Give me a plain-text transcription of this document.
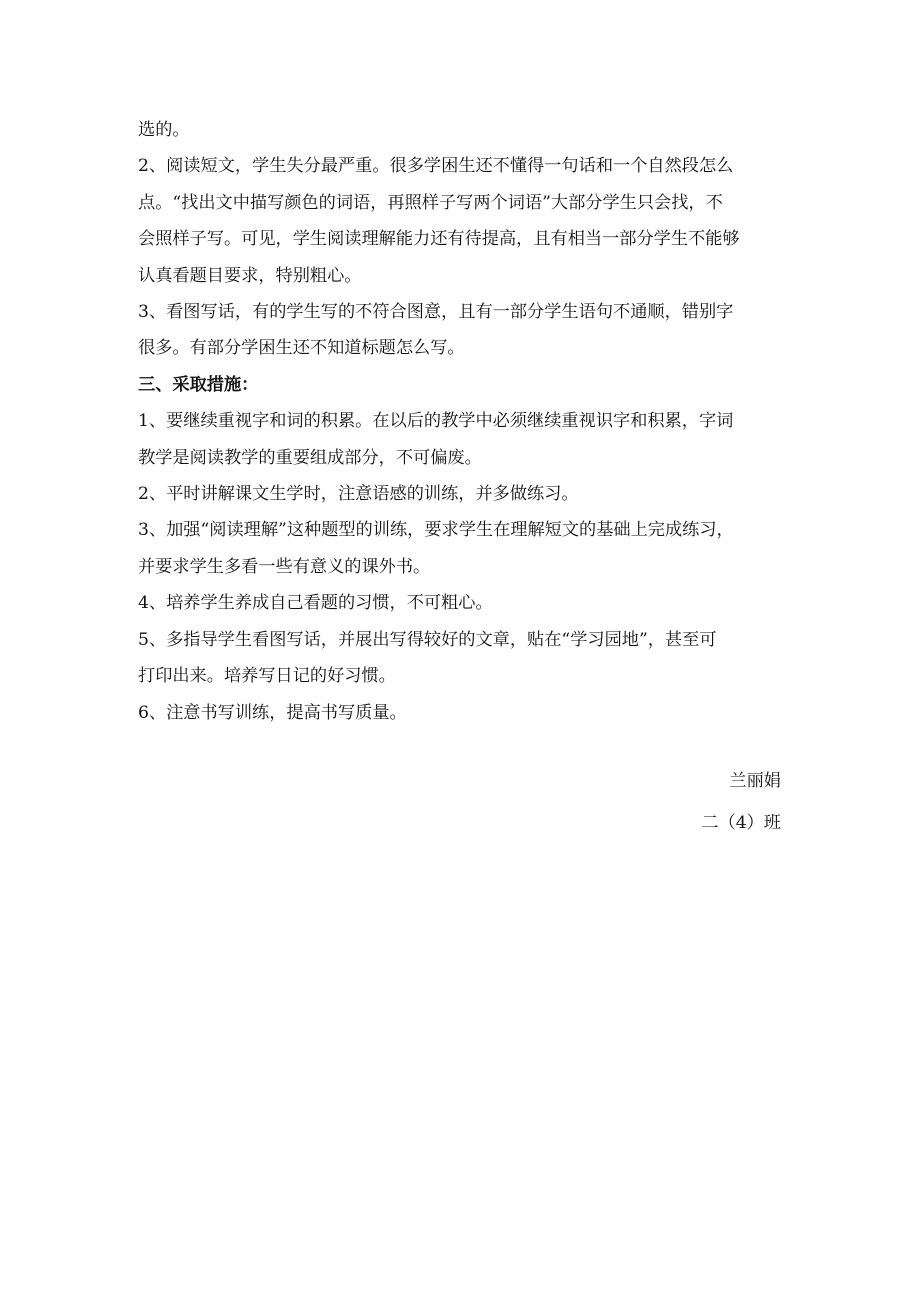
选的。
2、阅读短文，学生失分最严重。很多学困生还不懂得一句话和一个自然段怎么
点。“找出文中描写颜色的词语，再照样子写两个词语”大部分学生只会找，不
会照样子写。可见，学生阅读理解能力还有待提高，且有相当一部分学生不能够
认真看题目要求，特别粗心。
3、看图写话，有的学生写的不符合图意，且有一部分学生语句不通顺，错别字
很多。有部分学困生还不知道标题怎么写。
三、采取措施：
1、要继续重视字和词的积累。在以后的教学中必须继续重视识字和积累，字词
教学是阅读教学的重要组成部分，不可偏废。
2、平时讲解课文生学时，注意语感的训练，并多做练习。
3、加强“阅读理解”这种题型的训练，要求学生在理解短文的基础上完成练习，
并要求学生多看一些有意义的课外书。
4、培养学生养成自己看题的习惯，不可粗心。
5、多指导学生看图写话，并展出写得较好的文章，贴在“学习园地”，甚至可
打印出来。培养写日记的好习惯。
6、注意书写训练，提高书写质量。
兰丽娟
二（4）班
